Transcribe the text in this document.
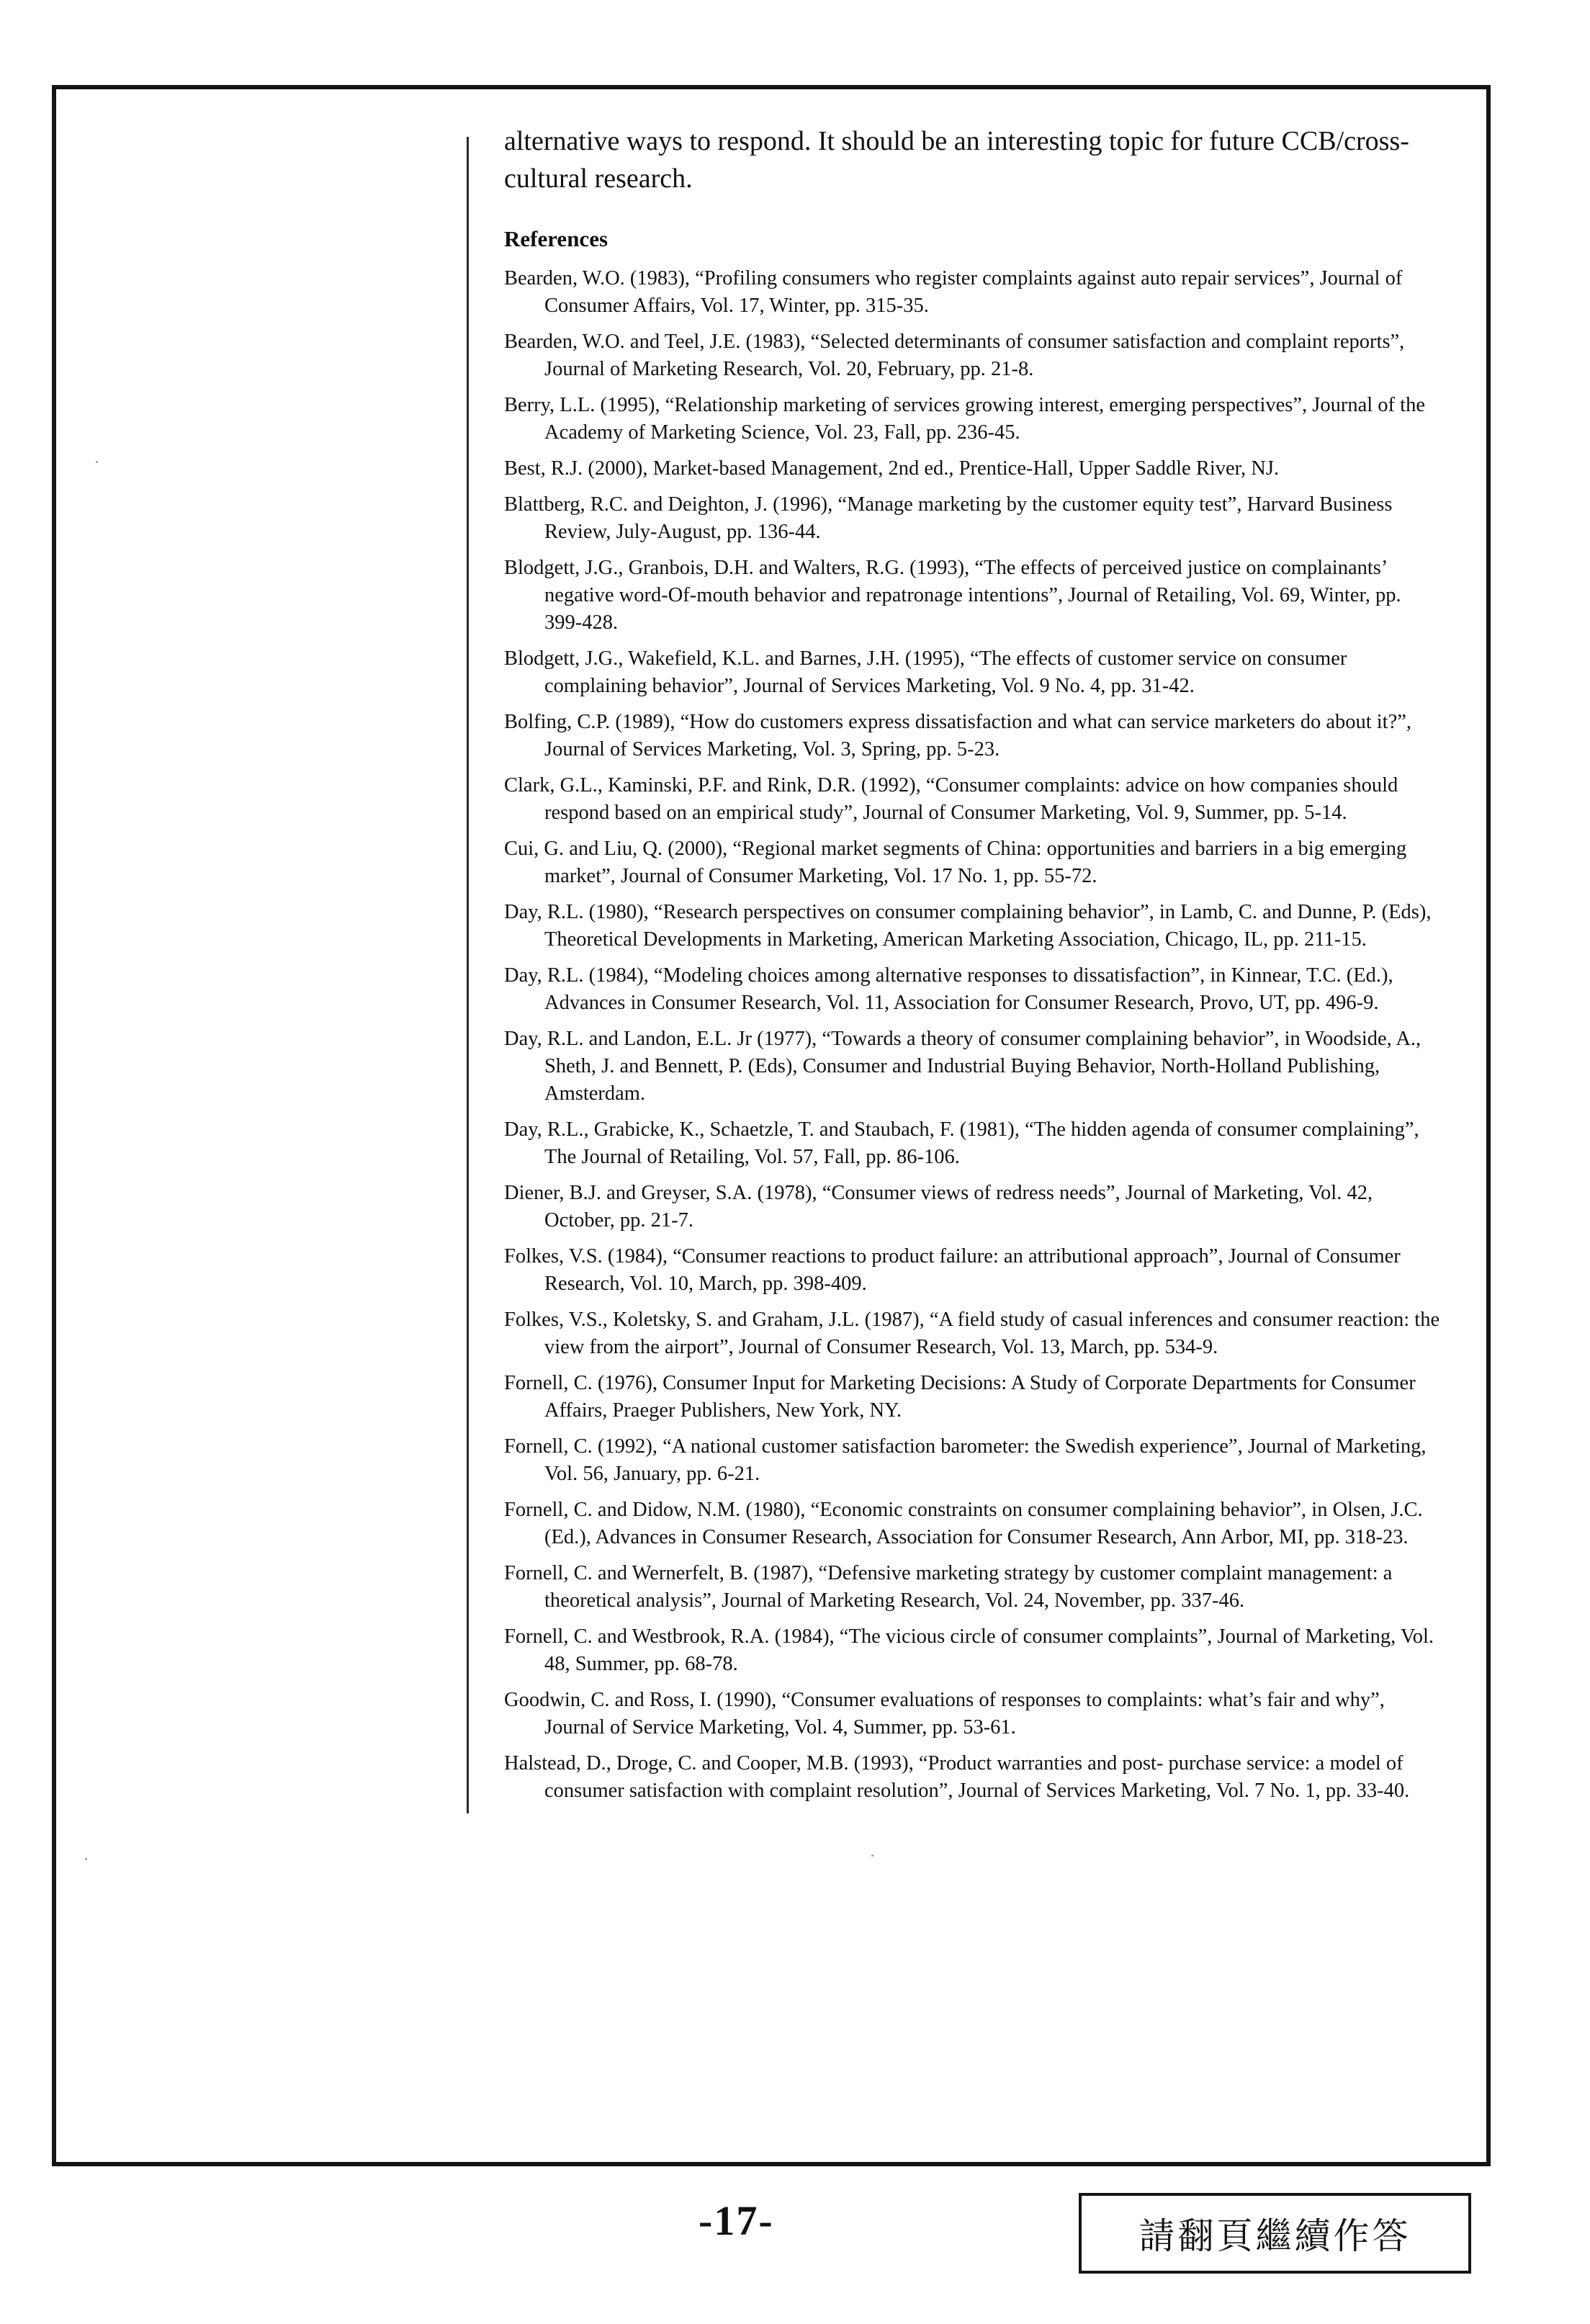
alternative ways to respond. It should be an interesting topic for future CCB/cross-cultural research.

References

Bearden, W.O. (1983), “Profiling consumers who register complaints against auto repair services”, Journal of Consumer Affairs, Vol. 17, Winter, pp. 315-35.

Bearden, W.O. and Teel, J.E. (1983), “Selected determinants of consumer satisfaction and complaint reports”, Journal of Marketing Research, Vol. 20, February, pp. 21-8.

Berry, L.L. (1995), “Relationship marketing of services growing interest, emerging perspectives”, Journal of the Academy of Marketing Science, Vol. 23, Fall, pp. 236-45.

Best, R.J. (2000), Market-based Management, 2nd ed., Prentice-Hall, Upper Saddle River, NJ.

Blattberg, R.C. and Deighton, J. (1996), “Manage marketing by the customer equity test”, Harvard Business Review, July-August, pp. 136-44.

Blodgett, J.G., Granbois, D.H. and Walters, R.G. (1993), “The effects of perceived justice on complainants’ negative word-Of-mouth behavior and repatronage intentions”, Journal of Retailing, Vol. 69, Winter, pp. 399-428.

Blodgett, J.G., Wakefield, K.L. and Barnes, J.H. (1995), “The effects of customer service on consumer complaining behavior”, Journal of Services Marketing, Vol. 9 No. 4, pp. 31-42.

Bolfing, C.P. (1989), “How do customers express dissatisfaction and what can service marketers do about it?”, Journal of Services Marketing, Vol. 3, Spring, pp. 5-23.

Clark, G.L., Kaminski, P.F. and Rink, D.R. (1992), “Consumer complaints: advice on how companies should respond based on an empirical study”, Journal of Consumer Marketing, Vol. 9, Summer, pp. 5-14.

Cui, G. and Liu, Q. (2000), “Regional market segments of China: opportunities and barriers in a big emerging market”, Journal of Consumer Marketing, Vol. 17 No. 1, pp. 55-72.

Day, R.L. (1980), “Research perspectives on consumer complaining behavior”, in Lamb, C. and Dunne, P. (Eds), Theoretical Developments in Marketing, American Marketing Association, Chicago, IL, pp. 211-15.

Day, R.L. (1984), “Modeling choices among alternative responses to dissatisfaction”, in Kinnear, T.C. (Ed.), Advances in Consumer Research, Vol. 11, Association for Consumer Research, Provo, UT, pp. 496-9.

Day, R.L. and Landon, E.L. Jr (1977), “Towards a theory of consumer complaining behavior”, in Woodside, A., Sheth, J. and Bennett, P. (Eds), Consumer and Industrial Buying Behavior, North-Holland Publishing, Amsterdam.

Day, R.L., Grabicke, K., Schaetzle, T. and Staubach, F. (1981), “The hidden agenda of consumer complaining”, The Journal of Retailing, Vol. 57, Fall, pp. 86-106.

Diener, B.J. and Greyser, S.A. (1978), “Consumer views of redress needs”, Journal of Marketing, Vol. 42, October, pp. 21-7.

Folkes, V.S. (1984), “Consumer reactions to product failure: an attributional approach”, Journal of Consumer Research, Vol. 10, March, pp. 398-409.

Folkes, V.S., Koletsky, S. and Graham, J.L. (1987), “A field study of casual inferences and consumer reaction: the view from the airport”, Journal of Consumer Research, Vol. 13, March, pp. 534-9.

Fornell, C. (1976), Consumer Input for Marketing Decisions: A Study of Corporate Departments for Consumer Affairs, Praeger Publishers, New York, NY.

Fornell, C. (1992), “A national customer satisfaction barometer: the Swedish experience”, Journal of Marketing, Vol. 56, January, pp. 6-21.

Fornell, C. and Didow, N.M. (1980), “Economic constraints on consumer complaining behavior”, in Olsen, J.C. (Ed.), Advances in Consumer Research, Association for Consumer Research, Ann Arbor, MI, pp. 318-23.

Fornell, C. and Wernerfelt, B. (1987), “Defensive marketing strategy by customer complaint management: a theoretical analysis”, Journal of Marketing Research, Vol. 24, November, pp. 337-46.

Fornell, C. and Westbrook, R.A. (1984), “The vicious circle of consumer complaints”, Journal of Marketing, Vol. 48, Summer, pp. 68-78.

Goodwin, C. and Ross, I. (1990), “Consumer evaluations of responses to complaints: what’s fair and why”, Journal of Service Marketing, Vol. 4, Summer, pp. 53-61.

Halstead, D., Droge, C. and Cooper, M.B. (1993), “Product warranties and post- purchase service: a model of consumer satisfaction with complaint resolution”, Journal of Services Marketing, Vol. 7 No. 1, pp. 33-40.

-17-	請翻頁繼續作答
